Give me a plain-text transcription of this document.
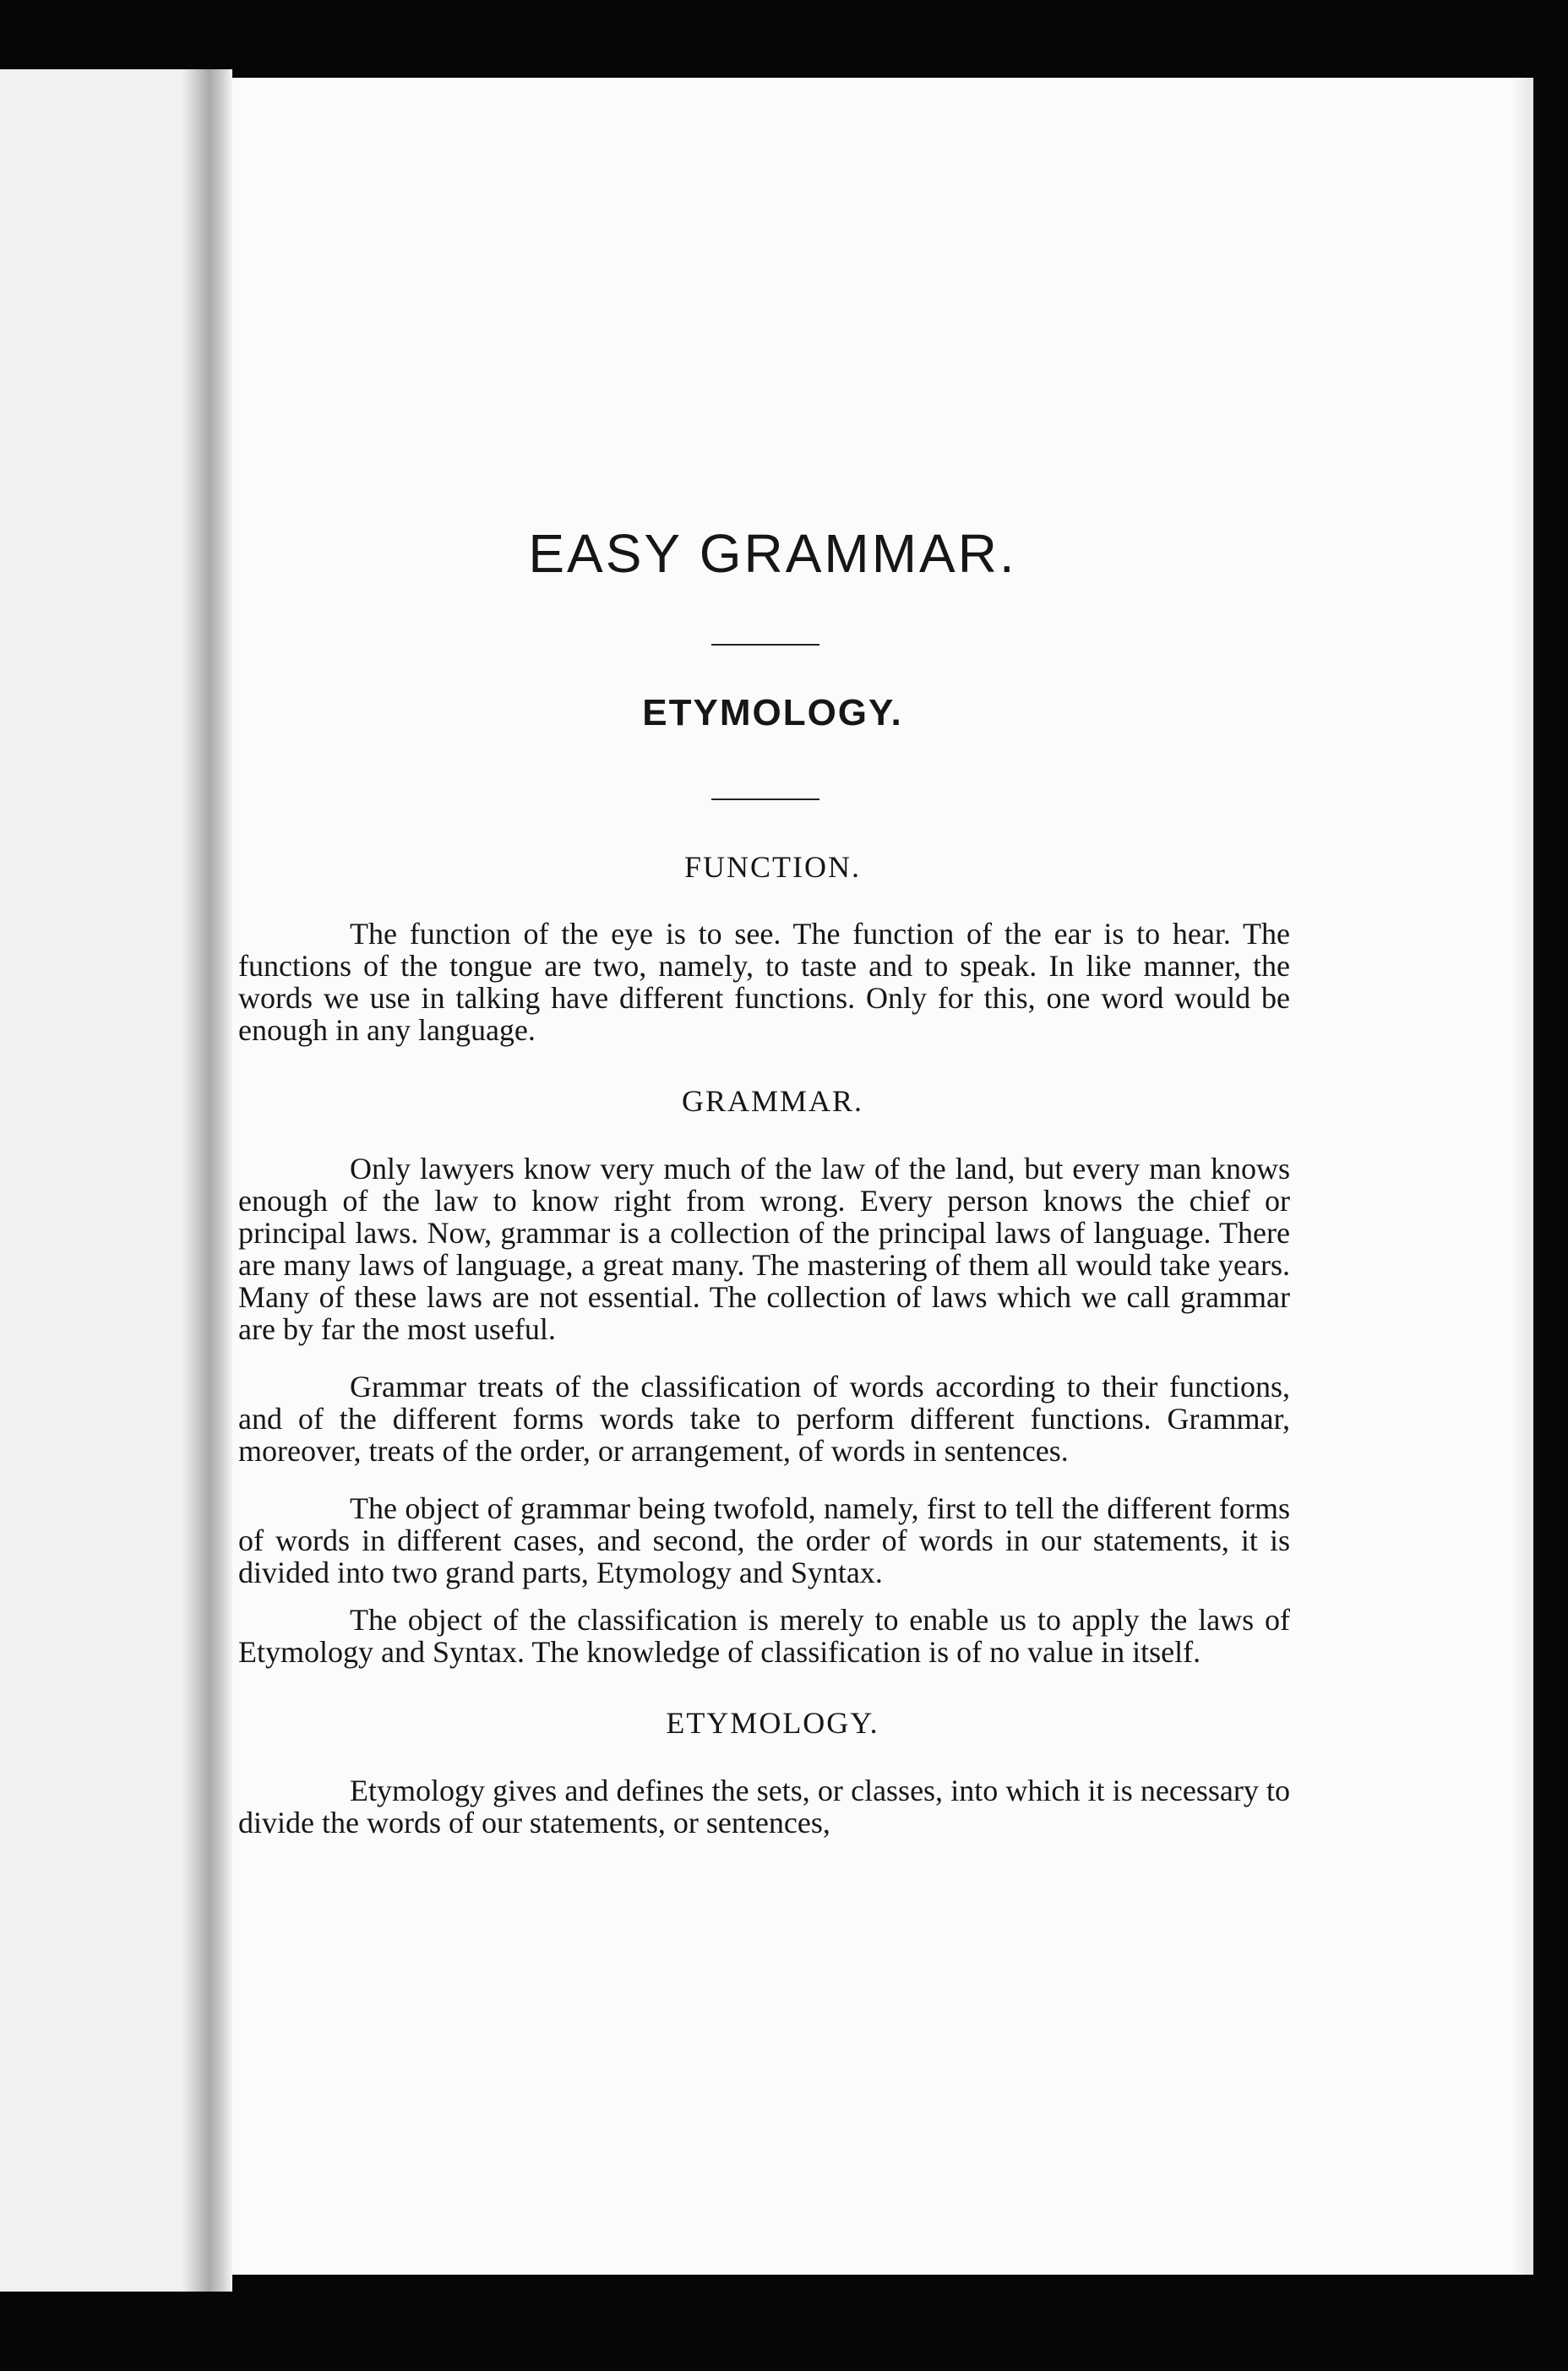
EASY GRAMMAR.
ETYMOLOGY.
FUNCTION.

The function of the eye is to see. The function of the ear is to hear. The functions of the tongue are two, namely, to taste and to speak. In like manner, the words we use in talking have different functions. Only for this, one word would be enough in any language.

GRAMMAR.

Only lawyers know very much of the law of the land, but every man knows enough of the law to know right from wrong. Every person knows the chief or principal laws. Now, grammar is a collection of the principal laws of language. There are many laws of language, a great many. The mastering of them all would take years. Many of these laws are not essential. The collection of laws which we call grammar are by far the most useful.

Grammar treats of the classification of words according to their functions, and of the different forms words take to perform different functions. Grammar, moreover, treats of the order, or arrangement, of words in sentences.

The object of grammar being twofold, namely, first to tell the different forms of words in different cases, and second, the order of words in our statements, it is divided into two grand parts, Etymology and Syntax.

The object of the classification is merely to enable us to apply the laws of Etymology and Syntax. The knowledge of classification is of no value in itself.

ETYMOLOGY.

Etymology gives and defines the sets, or classes, into which it is necessary to divide the words of our statements, or sentences,
